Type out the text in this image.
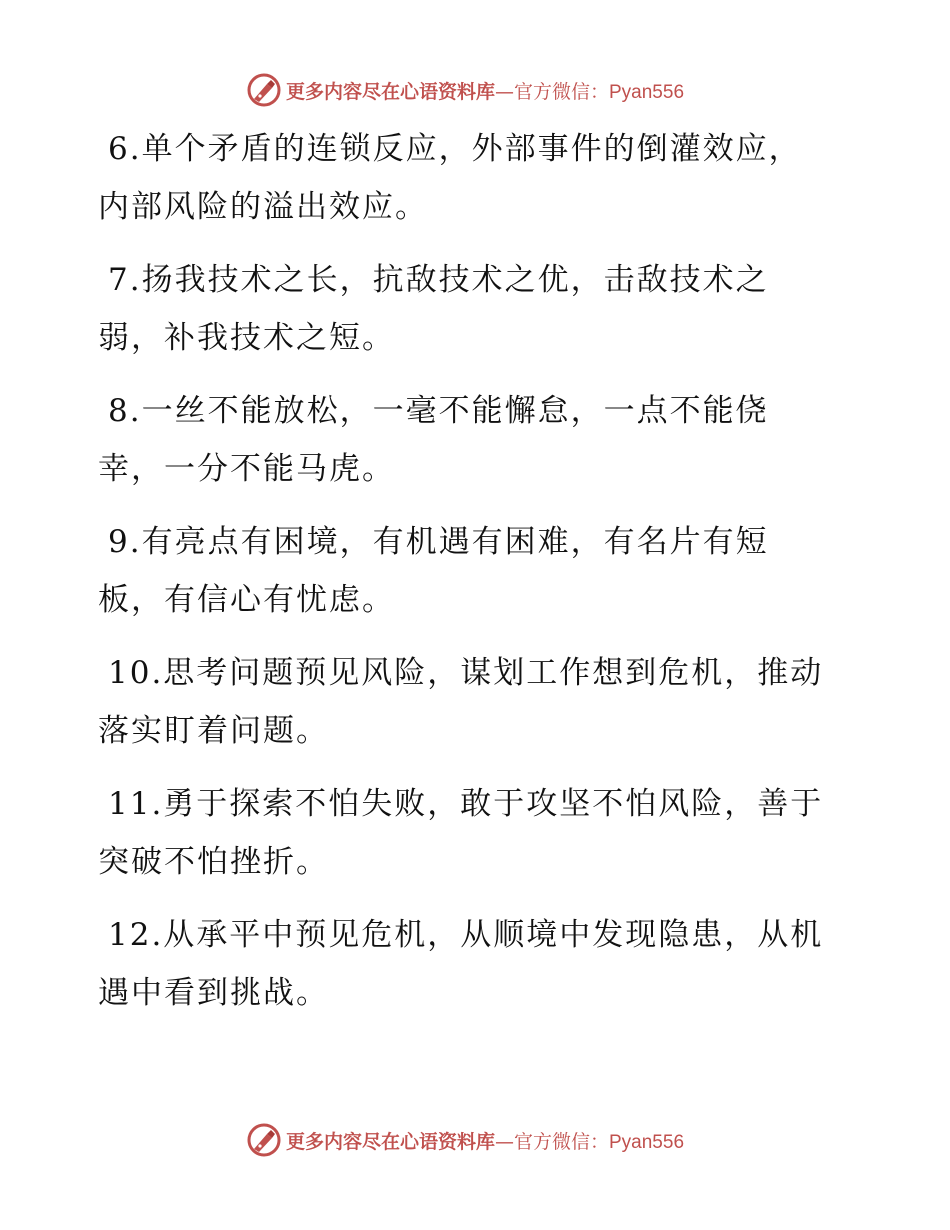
更多内容尽在心语资料库—官方微信：Pyan556
6.单个矛盾的连锁反应，外部事件的倒灌效应，
内部风险的溢出效应。
7.扬我技术之长，抗敌技术之优，击敌技术之
弱，补我技术之短。
8.一丝不能放松，一毫不能懈怠，一点不能侥
幸，一分不能马虎。
9.有亮点有困境，有机遇有困难，有名片有短
板，有信心有忧虑。
10.思考问题预见风险，谋划工作想到危机，推动
落实盯着问题。
11.勇于探索不怕失败，敢于攻坚不怕风险，善于
突破不怕挫折。
12.从承平中预见危机，从顺境中发现隐患，从机
遇中看到挑战。
更多内容尽在心语资料库—官方微信：Pyan556
